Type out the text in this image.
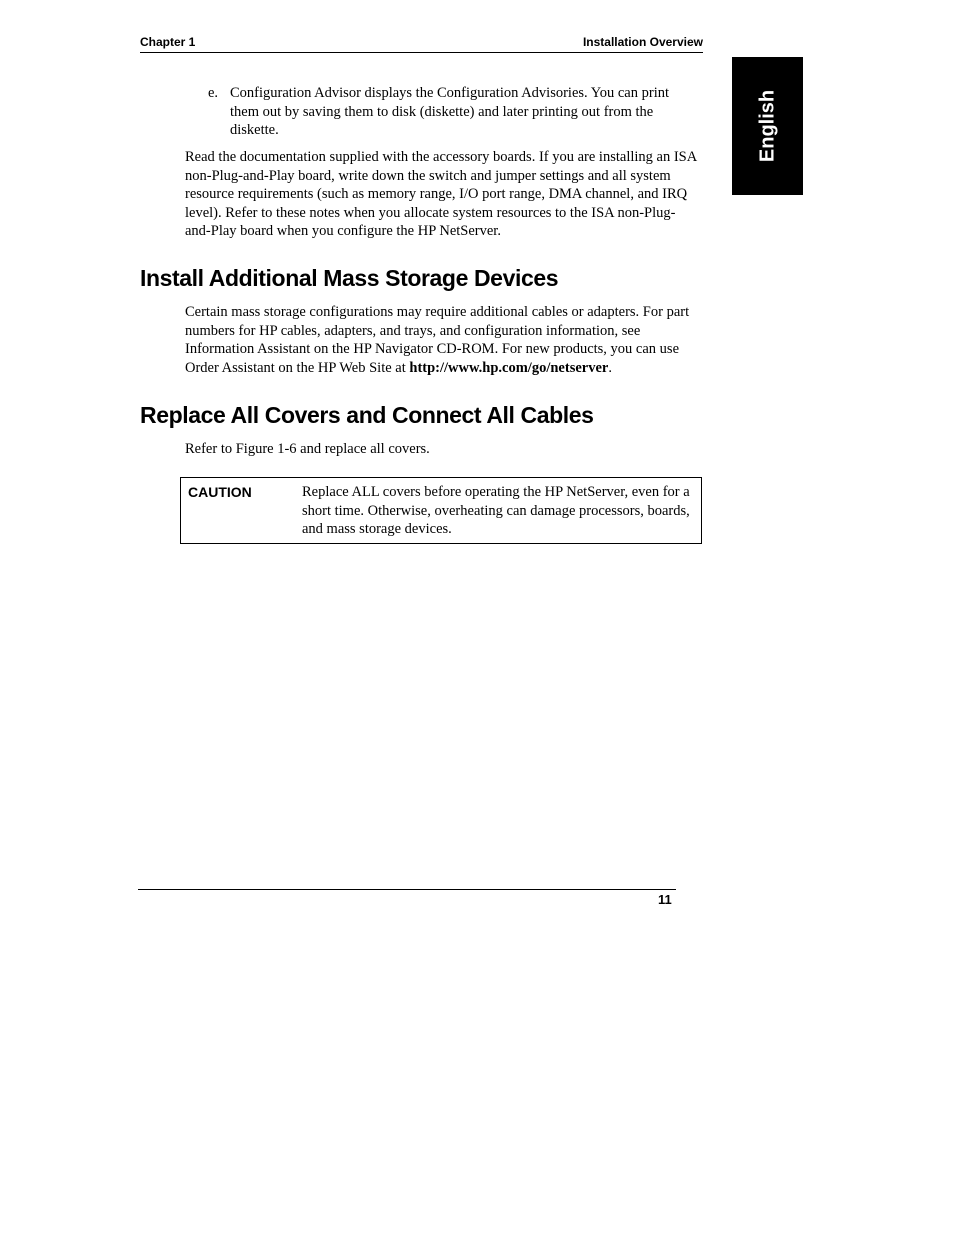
Chapter 1	Installation Overview
English
e. Configuration Advisor displays the Configuration Advisories. You can print them out by saving them to disk (diskette) and later printing out from the diskette.
Read the documentation supplied with the accessory boards. If you are installing an ISA non-Plug-and-Play board, write down the switch and jumper settings and all system resource requirements (such as memory range, I/O port range, DMA channel, and IRQ level). Refer to these notes when you allocate system resources to the ISA non-Plug-and-Play board when you configure the HP NetServer.
Install Additional Mass Storage Devices
Certain mass storage configurations may require additional cables or adapters. For part numbers for HP cables, adapters, and trays, and configuration information, see Information Assistant on the HP Navigator CD-ROM. For new products, you can use Order Assistant on the HP Web Site at http://www.hp.com/go/netserver.
Replace All Covers and Connect All Cables
Refer to Figure 1-6 and replace all covers.
CAUTION	Replace ALL covers before operating the HP NetServer, even for a short time. Otherwise, overheating can damage processors, boards, and mass storage devices.
11
